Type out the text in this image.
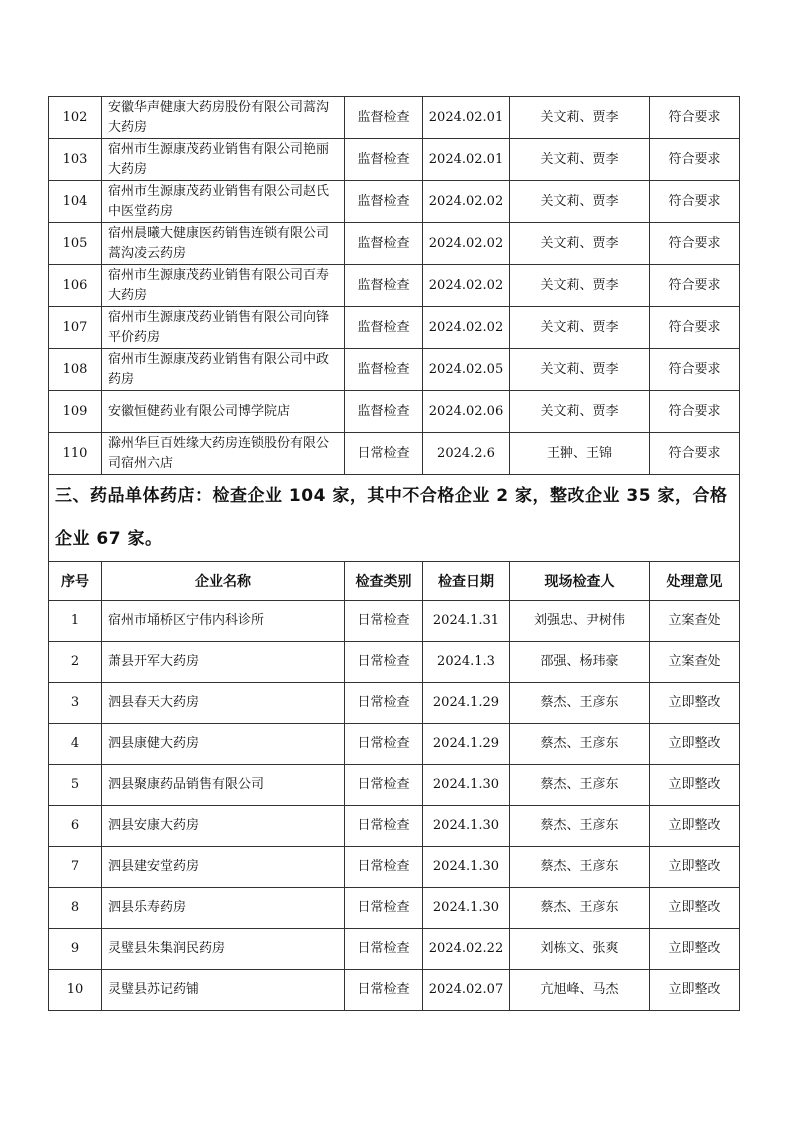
102	安徽华声健康大药房股份有限公司蒿沟大药房	监督检查	2024.02.01	关文莉、贾李	符合要求
103	宿州市生源康茂药业销售有限公司艳丽大药房	监督检查	2024.02.01	关文莉、贾李	符合要求
104	宿州市生源康茂药业销售有限公司赵氏中医堂药房	监督检查	2024.02.02	关文莉、贾李	符合要求
105	宿州晨曦大健康医药销售连锁有限公司蒿沟凌云药房	监督检查	2024.02.02	关文莉、贾李	符合要求
106	宿州市生源康茂药业销售有限公司百寿大药房	监督检查	2024.02.02	关文莉、贾李	符合要求
107	宿州市生源康茂药业销售有限公司向锋平价药房	监督检查	2024.02.02	关文莉、贾李	符合要求
108	宿州市生源康茂药业销售有限公司中政药房	监督检查	2024.02.05	关文莉、贾李	符合要求
109	安徽恒健药业有限公司博学院店	监督检查	2024.02.06	关文莉、贾李	符合要求
110	滁州华巨百姓缘大药房连锁股份有限公司宿州六店	日常检查	2024.2.6	王翀、王锦	符合要求
三、药品单体药店：检查企业 104 家，其中不合格企业 2 家，整改企业 35 家，合格企业 67 家。					
序号	企业名称	检查类别	检查日期	现场检查人	处理意见
1	宿州市埇桥区宁伟内科诊所	日常检查	2024.1.31	刘强忠、尹树伟	立案查处
2	萧县开军大药房	日常检查	2024.1.3	邵强、杨玮豪	立案查处
3	泗县春天大药房	日常检查	2024.1.29	蔡杰、王彦东	立即整改
4	泗县康健大药房	日常检查	2024.1.29	蔡杰、王彦东	立即整改
5	泗县聚康药品销售有限公司	日常检查	2024.1.30	蔡杰、王彦东	立即整改
6	泗县安康大药房	日常检查	2024.1.30	蔡杰、王彦东	立即整改
7	泗县建安堂药房	日常检查	2024.1.30	蔡杰、王彦东	立即整改
8	泗县乐寿药房	日常检查	2024.1.30	蔡杰、王彦东	立即整改
9	灵璧县朱集润民药房	日常检查	2024.02.22	刘栋文、张爽	立即整改
10	灵璧县苏记药铺	日常检查	2024.02.07	亢旭峰、马杰	立即整改
